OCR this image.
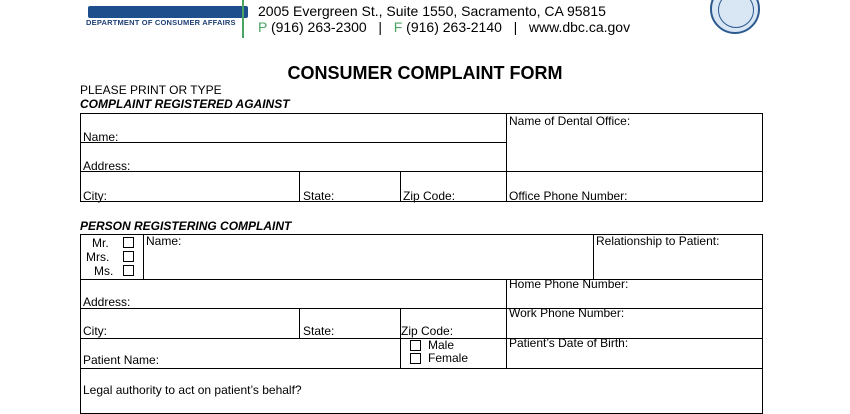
DEPARTMENT OF CONSUMER AFFAIRS
2005 Evergreen St., Suite 1550, Sacramento, CA 95815
P (916) 263-2300 | F (916) 263-2140 | www.dbc.ca.gov
CONSUMER COMPLAINT FORM
PLEASE PRINT OR TYPE
COMPLAINT REGISTERED AGAINST
Name:
Name of Dental Office:
Address:
City:	State:	Zip Code:	Office Phone Number:
PERSON REGISTERING COMPLAINT
Mr.
Mrs.
Ms.
Name:	Relationship to Patient:
Address:
Home Phone Number:
City:	State:	Zip Code:
Work Phone Number:
Patient Name:
Male
Female
Patient’s Date of Birth:
Legal authority to act on patient’s behalf?
